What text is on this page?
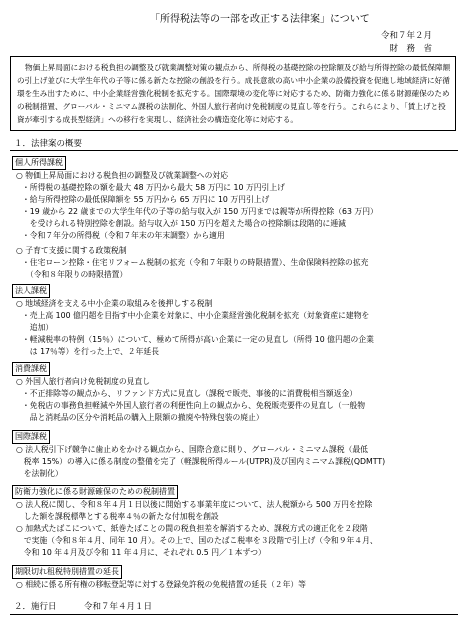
「所得税法等の一部を改正する法律案」について
令和７年２月
財　務　省

物価上昇局面における税負担の調整及び就業調整対策の観点から、所得税の基礎控除の控除額及び給与所得控除の最低保障額の引上げ並びに大学生年代の子等に係る新たな控除の創設を行う。成長意欲の高い中小企業の設備投資を促進し地域経済に好循環を生み出すために、中小企業経営強化税制を拡充する。国際環境の変化等に対応するため、防衛力強化に係る財源確保のための税制措置、グローバル・ミニマム課税の法制化、外国人旅行者向け免税制度の見直し等を行う。これらにより、「賃上げと投資が牽引する成長型経済」への移行を実現し、経済社会の構造変化等に対応する。

１．法律案の概要
個人所得課税
○ 物価上昇局面における税負担の調整及び就業調整への対応
・所得税の基礎控除の額を最大 48 万円から最大 58 万円に 10 万円引上げ
・給与所得控除の最低保障額を 55 万円から 65 万円に 10 万円引上げ
・19 歳から 22 歳までの大学生年代の子等の給与収入が 150 万円までは親等が所得控除（63 万円）
　を受けられる特別控除を創設。給与収入が 150 万円を超えた場合の控除額は段階的に逓減
・令和７年分の所得税（令和７年末の年末調整）から適用
○ 子育て支援に関する政策税制
・住宅ローン控除・住宅リフォーム税制の拡充（令和７年限りの時限措置）、生命保険料控除の拡充
　（令和８年限りの時限措置）
法人課税
○ 地域経済を支える中小企業の取組みを後押しする税制
・売上高 100 億円超を目指す中小企業を対象に、中小企業経営強化税制を拡充（対象資産に建物を
　追加）
・軽減税率の特例（15％）について、極めて所得が高い企業に一定の見直し（所得 10 億円超の企業
　は 17％等）を行った上で、２年延長
消費課税
○ 外国人旅行者向け免税制度の見直し
・不正排除等の観点から、リファンド方式に見直し（課税で販売、事後的に消費税相当額返金）
・免税店の事務負担軽減や外国人旅行者の利便性向上の観点から、免税販売要件の見直し（一般物
　品と消耗品の区分や消耗品の購入上限額の撤廃や特殊包装の廃止）
国際課税
○ 法人税引下げ競争に歯止めをかける観点から、国際合意に則り、グローバル・ミニマム課税（最低
　税率 15%）の導入に係る制度の整備を完了（軽課税所得ルール(UTPR)及び国内ミニマム課税(QDMTT)
　を法制化）
防衛力強化に係る財源確保のための税制措置
○ 法人税に関し、令和８年４月１日以後に開始する事業年度について、法人税額から 500 万円を控除
　した額を課税標準とする税率４％の新たな付加税を創設
○ 加熱式たばこについて、紙巻たばことの間の税負担差を解消するため、課税方式の適正化を２段階
　で実施（令和８年４月、同年 10 月）。その上で、国のたばこ税率を３段階で引上げ（令和９年４月、
　令和 10 年４月及び令和 11 年４月に、それぞれ 0.5 円／１本ずつ）
期限切れ租税特別措置の延長
○ 相続に係る所有権の移転登記等に対する登録免許税の免税措置の延長（２年）等
２．施行日	令和７年４月１日
